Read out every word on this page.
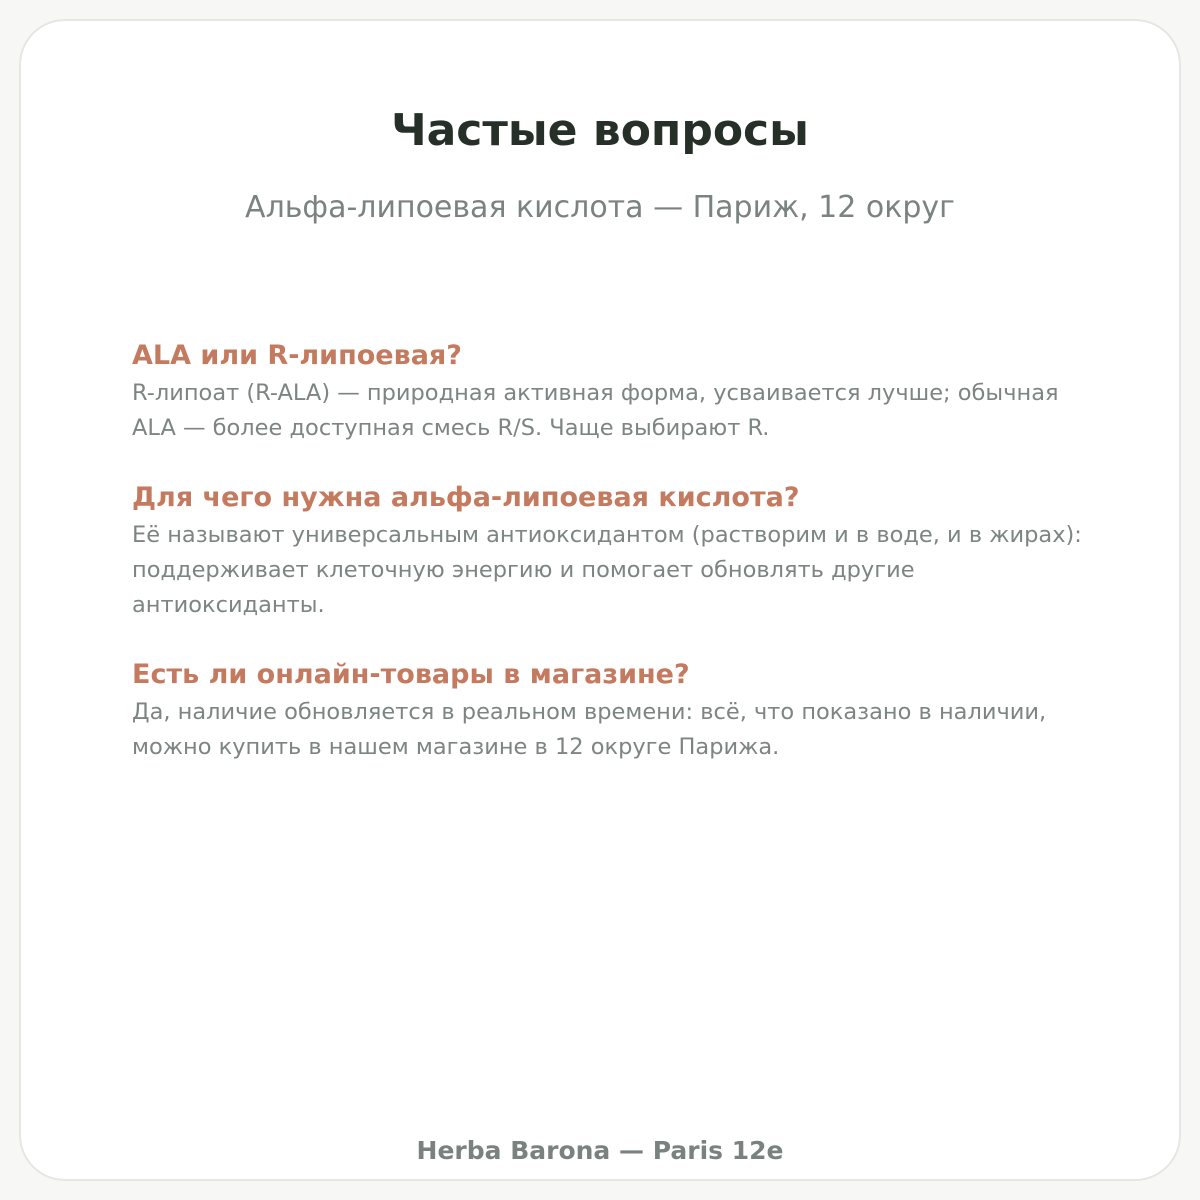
Частые вопросы

Альфа-липоевая кислота — Париж, 12 округ

ALA или R-липоевая?

R-липоат (R-ALA) — природная активная форма, усваивается лучше; обычная ALA — более доступная смесь R/S. Чаще выбирают R.

Для чего нужна альфа-липоевая кислота?

Её называют универсальным антиоксидантом (растворим и в воде, и в жирах): поддерживает клеточную энергию и помогает обновлять другие антиоксиданты.

Есть ли онлайн-товары в магазине?

Да, наличие обновляется в реальном времени: всё, что показано в наличии, можно купить в нашем магазине в 12 округе Парижа.

Herba Barona — Paris 12e
